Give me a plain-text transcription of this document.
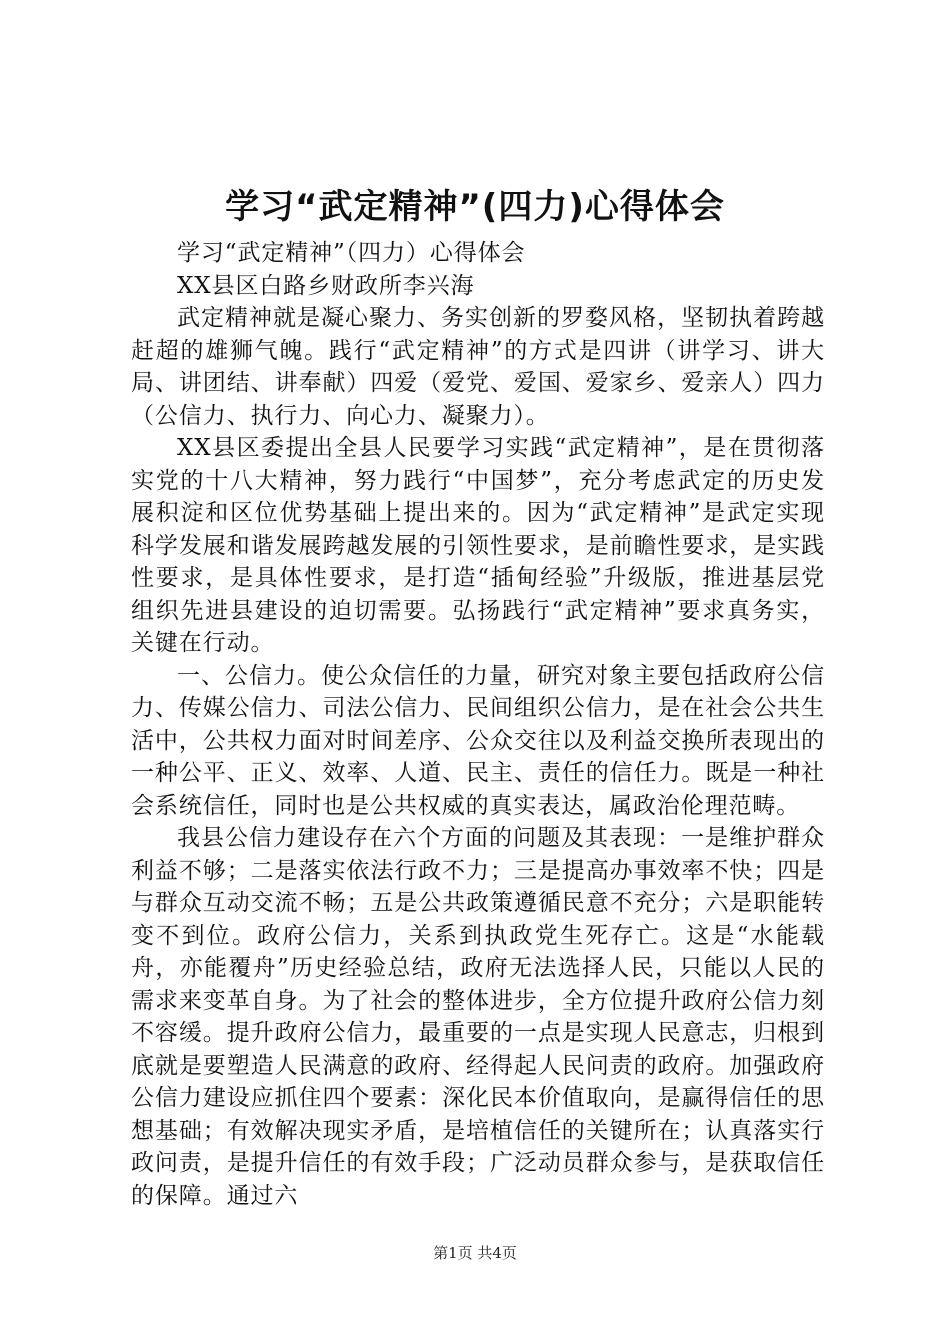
学习“武定精神”(四力)心得体会

学习“武定精神”（四力）心得体会

XX县区白路乡财政所李兴海

武定精神就是凝心聚力、务实创新的罗婺风格，坚韧执着跨越赶超的雄狮气魄。践行“武定精神”的方式是四讲（讲学习、讲大局、讲团结、讲奉献）四爱（爱党、爱国、爱家乡、爱亲人）四力（公信力、执行力、向心力、凝聚力）。

XX县区委提出全县人民要学习实践“武定精神”，是在贯彻落实党的十八大精神，努力践行“中国梦”，充分考虑武定的历史发展积淀和区位优势基础上提出来的。因为“武定精神”是武定实现科学发展和谐发展跨越发展的引领性要求，是前瞻性要求，是实践性要求，是具体性要求，是打造“插甸经验”升级版，推进基层党组织先进县建设的迫切需要。弘扬践行“武定精神”要求真务实，关键在行动。

一、公信力。使公众信任的力量，研究对象主要包括政府公信力、传媒公信力、司法公信力、民间组织公信力，是在社会公共生活中，公共权力面对时间差序、公众交往以及利益交换所表现出的一种公平、正义、效率、人道、民主、责任的信任力。既是一种社会系统信任，同时也是公共权威的真实表达，属政治伦理范畴。

我县公信力建设存在六个方面的问题及其表现：一是维护群众利益不够；二是落实依法行政不力；三是提高办事效率不快；四是与群众互动交流不畅；五是公共政策遵循民意不充分；六是职能转变不到位。政府公信力，关系到执政党生死存亡。这是“水能载舟，亦能覆舟”历史经验总结，政府无法选择人民，只能以人民的需求来变革自身。为了社会的整体进步，全方位提升政府公信力刻不容缓。提升政府公信力，最重要的一点是实现人民意志，归根到底就是要塑造人民满意的政府、经得起人民问责的政府。加强政府公信力建设应抓住四个要素：深化民本价值取向，是赢得信任的思想基础；有效解决现实矛盾，是培植信任的关键所在；认真落实行政问责，是提升信任的有效手段；广泛动员群众参与，是获取信任的保障。通过六

第1页 共4页
